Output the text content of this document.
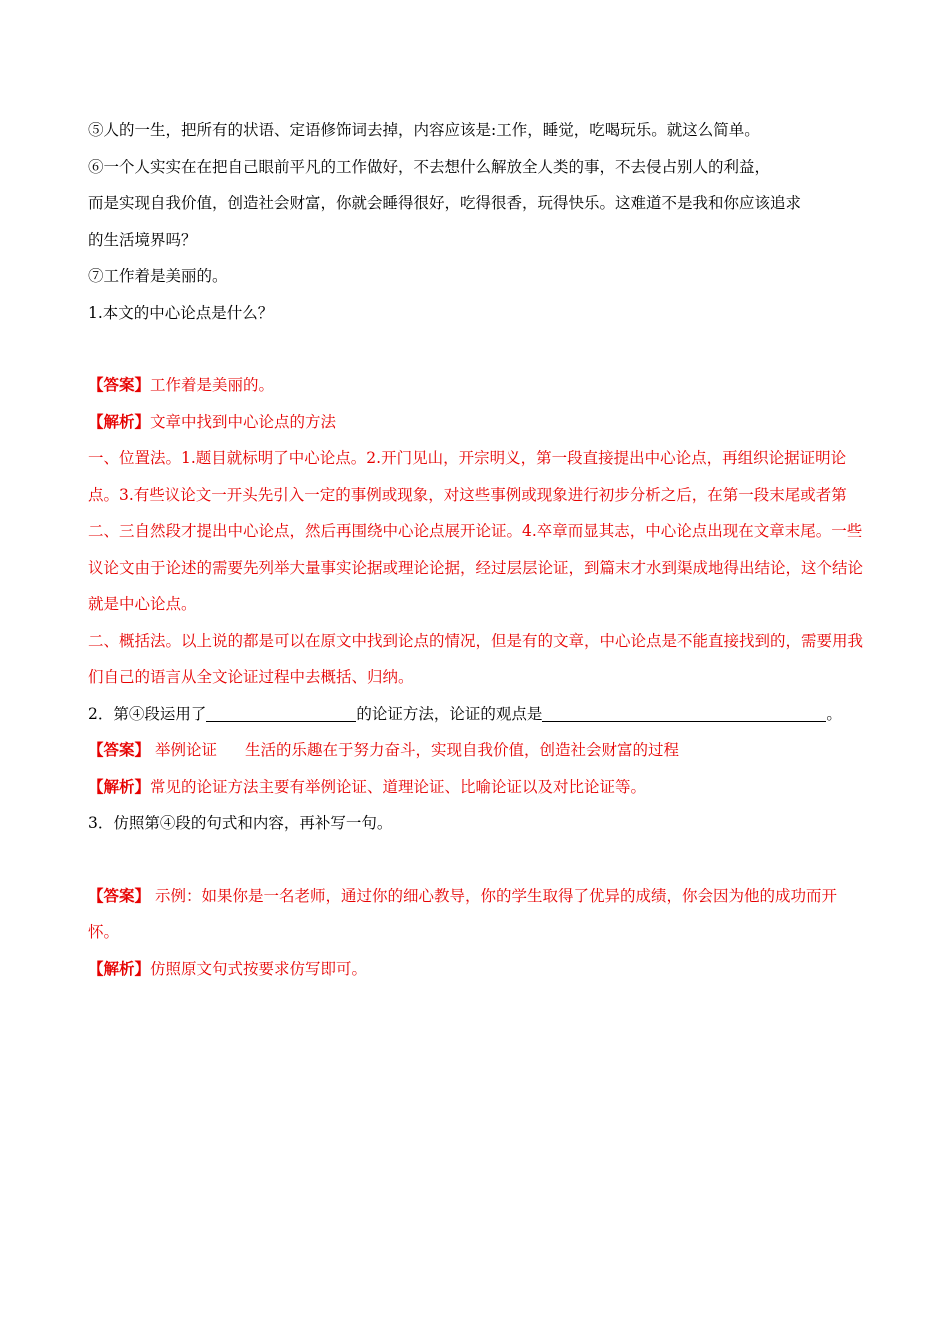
⑤人的一生，把所有的状语、定语修饰词去掉，内容应该是:工作，睡觉，吃喝玩乐。就这么简单。
⑥一个人实实在在把自己眼前平凡的工作做好，不去想什么解放全人类的事，不去侵占别人的利益，
而是实现自我价值，创造社会财富，你就会睡得很好，吃得很香，玩得快乐。这难道不是我和你应该追求
的生活境界吗？
⑦工作着是美丽的。
1.本文的中心论点是什么？
【答案】工作着是美丽的。
【解析】文章中找到中心论点的方法
一、位置法。1.题目就标明了中心论点。2.开门见山，开宗明义，第一段直接提出中心论点，再组织论据证明论点。3.有些议论文一开头先引入一定的事例或现象，对这些事例或现象进行初步分析之后，在第一段末尾或者第二、三自然段才提出中心论点，然后再围绕中心论点展开论证。4.卒章而显其志，中心论点出现在文章末尾。一些议论文由于论述的需要先列举大量事实论据或理论论据，经过层层论证，到篇末才水到渠成地得出结论，这个结论就是中心论点。
二、概括法。以上说的都是可以在原文中找到论点的情况，但是有的文章，中心论点是不能直接找到的，需要用我们自己的语言从全文论证过程中去概括、归纳。
2．第④段运用了	的论证方法，论证的观点是	。
【答案】 举例论证 生活的乐趣在于努力奋斗，实现自我价值，创造社会财富的过程
【解析】常见的论证方法主要有举例论证、道理论证、比喻论证以及对比论证等。
3．仿照第④段的句式和内容，再补写一句。
【答案】 示例：如果你是一名老师，通过你的细心教导，你的学生取得了优异的成绩，你会因为他的成功而开怀。
【解析】仿照原文句式按要求仿写即可。
